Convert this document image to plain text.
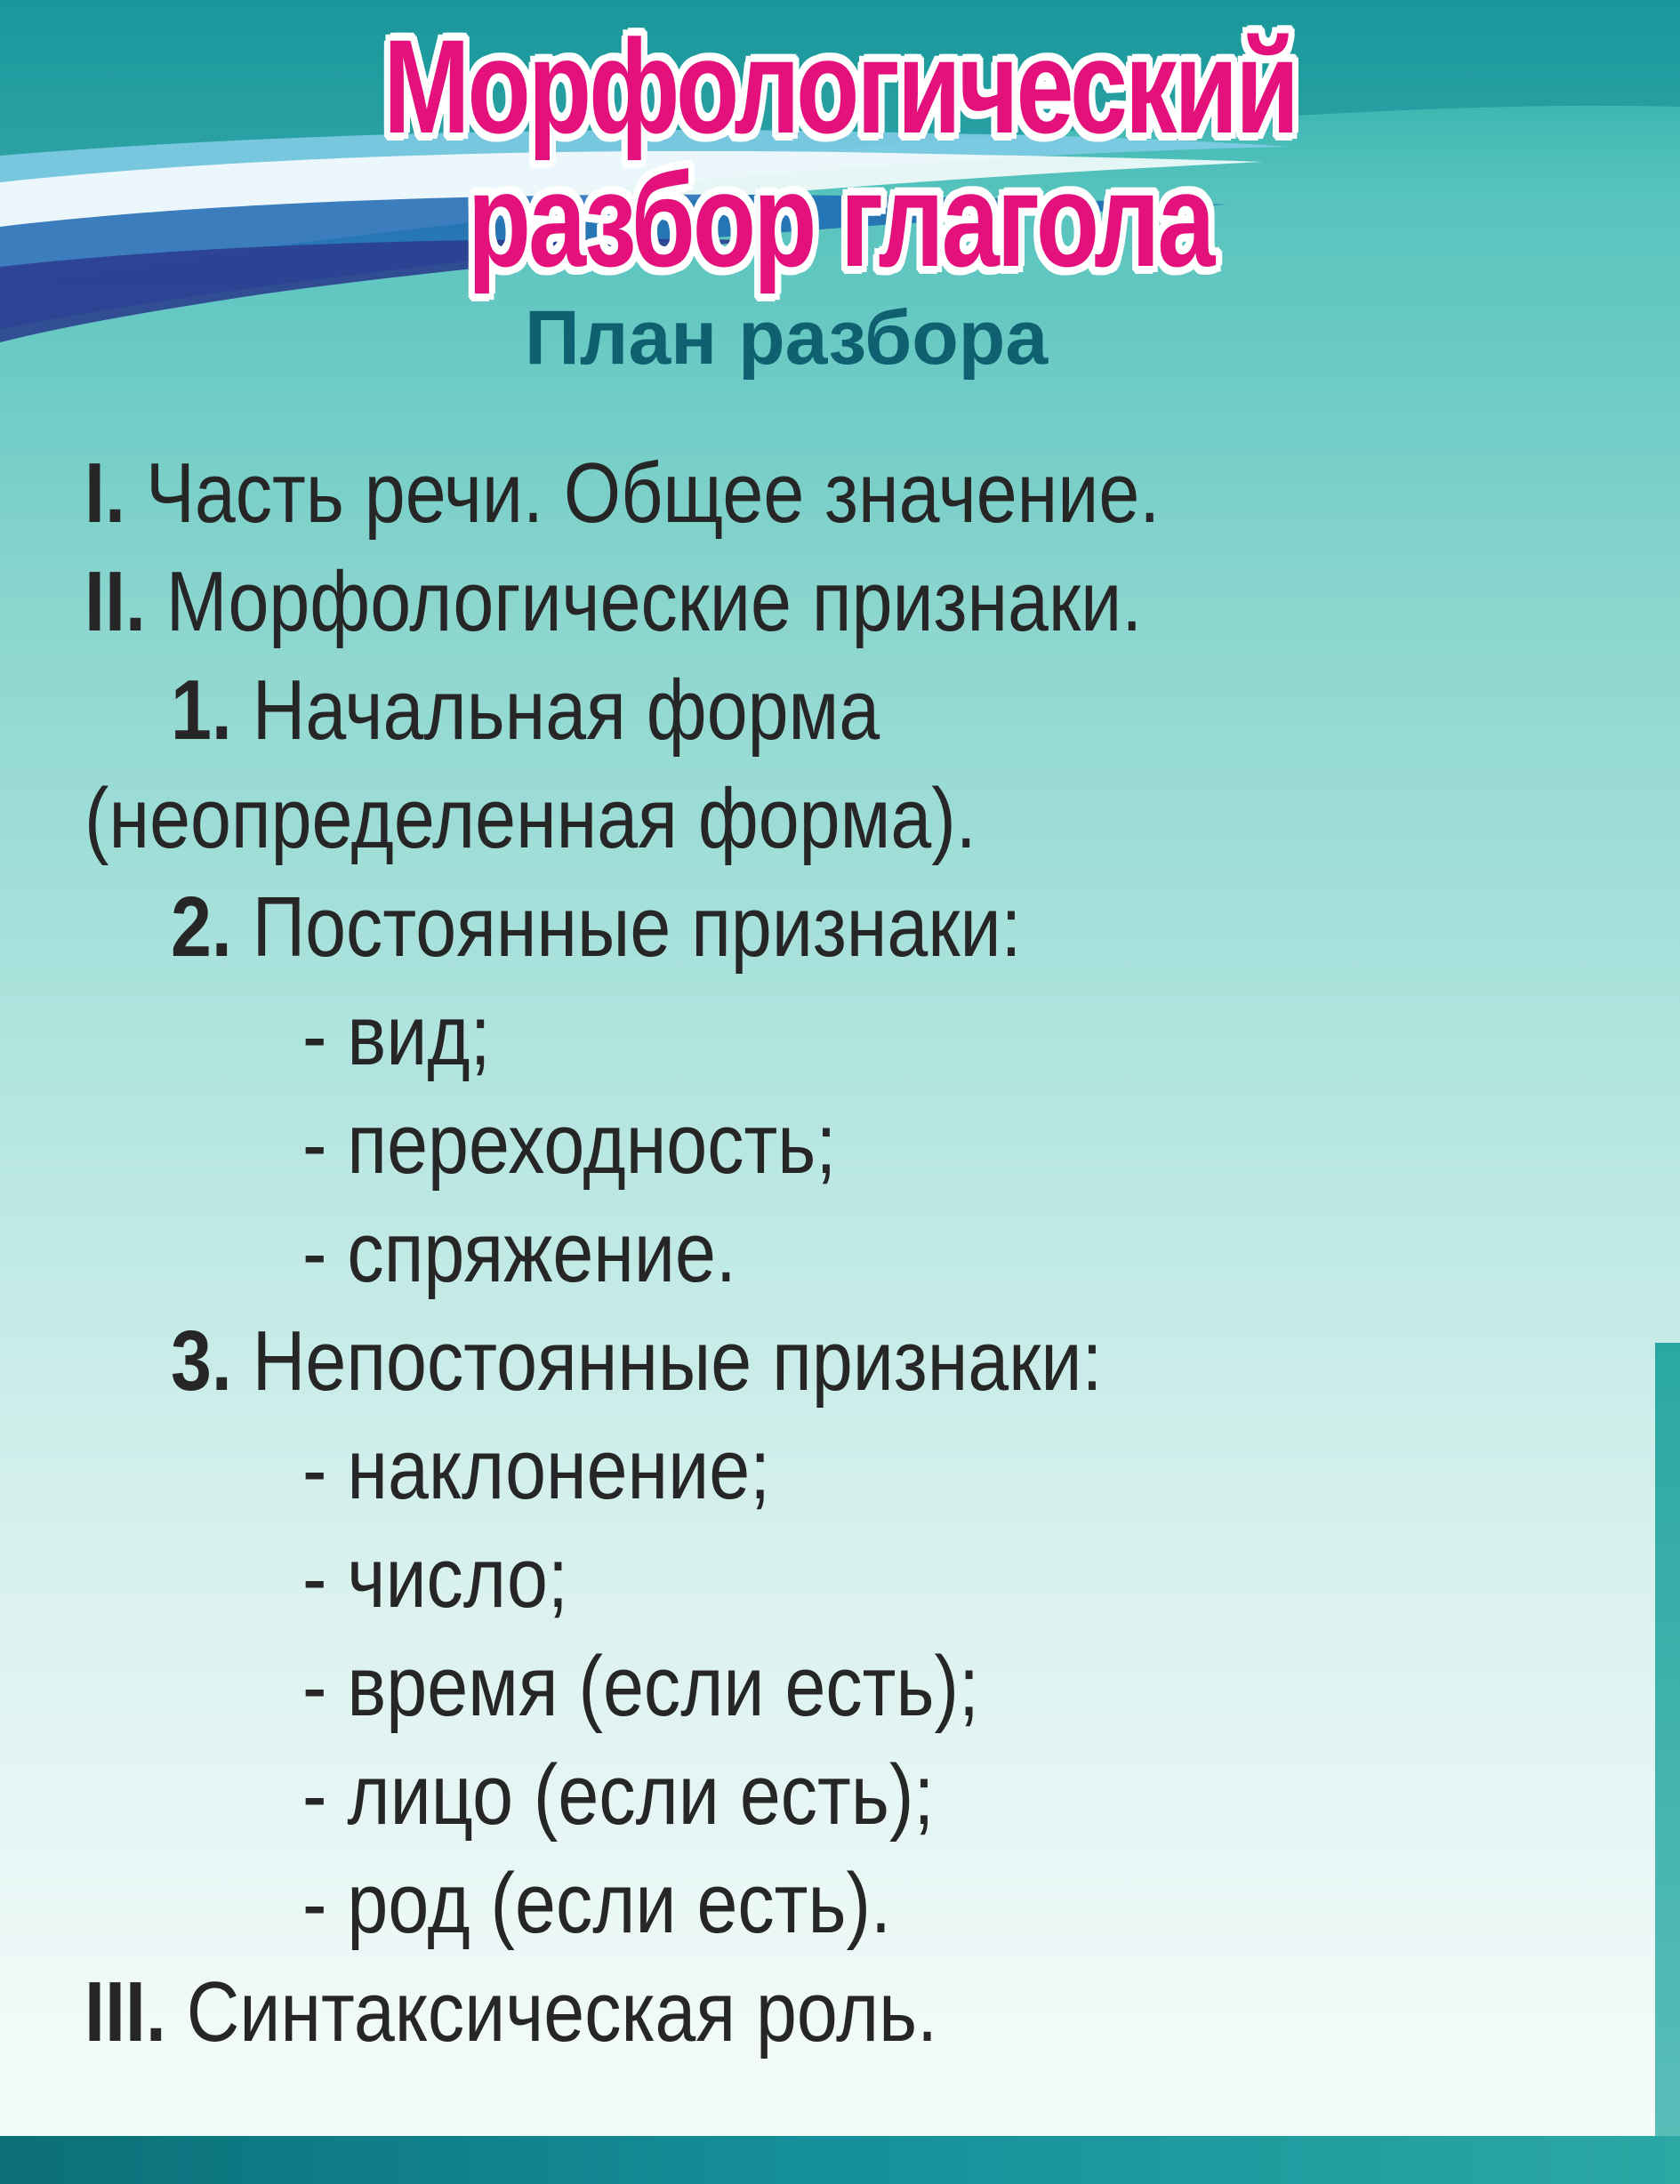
Морфологический
разбор глагола
План разбора
I. Часть речи. Общее значение.
II. Морфологические признаки.
1. Начальная форма
(неопределенная форма).
2. Постоянные признаки:
- вид;
- переходность;
- спряжение.
3. Непостоянные признаки:
- наклонение;
- число;
- время (если есть);
- лицо (если есть);
- род (если есть).
III. Синтаксическая роль.
